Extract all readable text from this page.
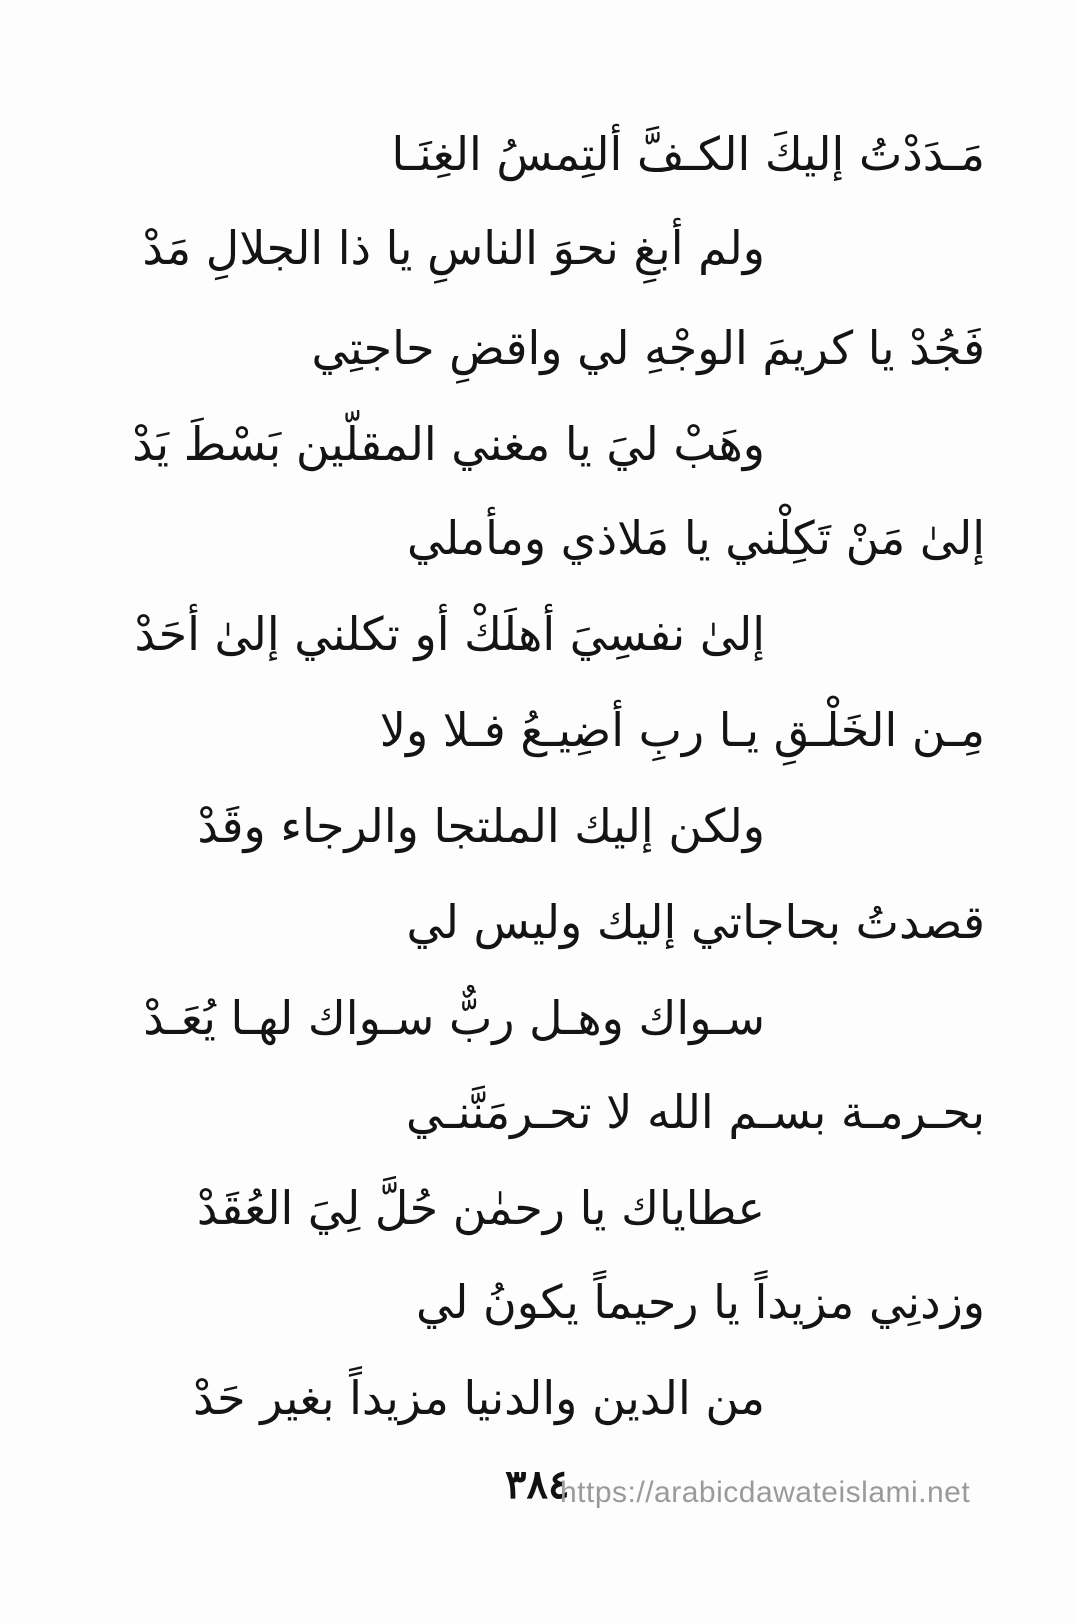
مَـدَدْتُ إليكَ الكـفَّ ألتِمسُ الغِنَـا
ولم أبغِ نحوَ الناسِ يا ذا الجلالِ مَدْ
فَجُدْ يا كريمَ الوجْهِ لي واقضِ حاجتِي
وهَبْ ليَ يا مغني المقلّين بَسْطَ يَدْ
إلىٰ مَنْ تَكِلْني يا مَلاذي ومأملي
إلىٰ نفسِيَ أهلَكْ أو تكلني إلىٰ أحَدْ
مِـن الخَلْـقِ يـا ربِ أضِيـعُ فـلا ولا
ولكن إليك الملتجا والرجاء وقَدْ
قصدتُ بحاجاتي إليك وليس لي
سـواك وهـل ربٌّ سـواك لهـا يُعَـدْ
بحـرمـة بسـم الله لا تحـرمَنَّنـي
عطاياك يا رحمٰن حُلَّ لِيَ العُقَدْ
وزدنِي مزيداً يا رحيماً يكونُ لي
من الدين والدنيا مزيداً بغير حَدْ
٣٨٤
https://arabicdawateislami.net
